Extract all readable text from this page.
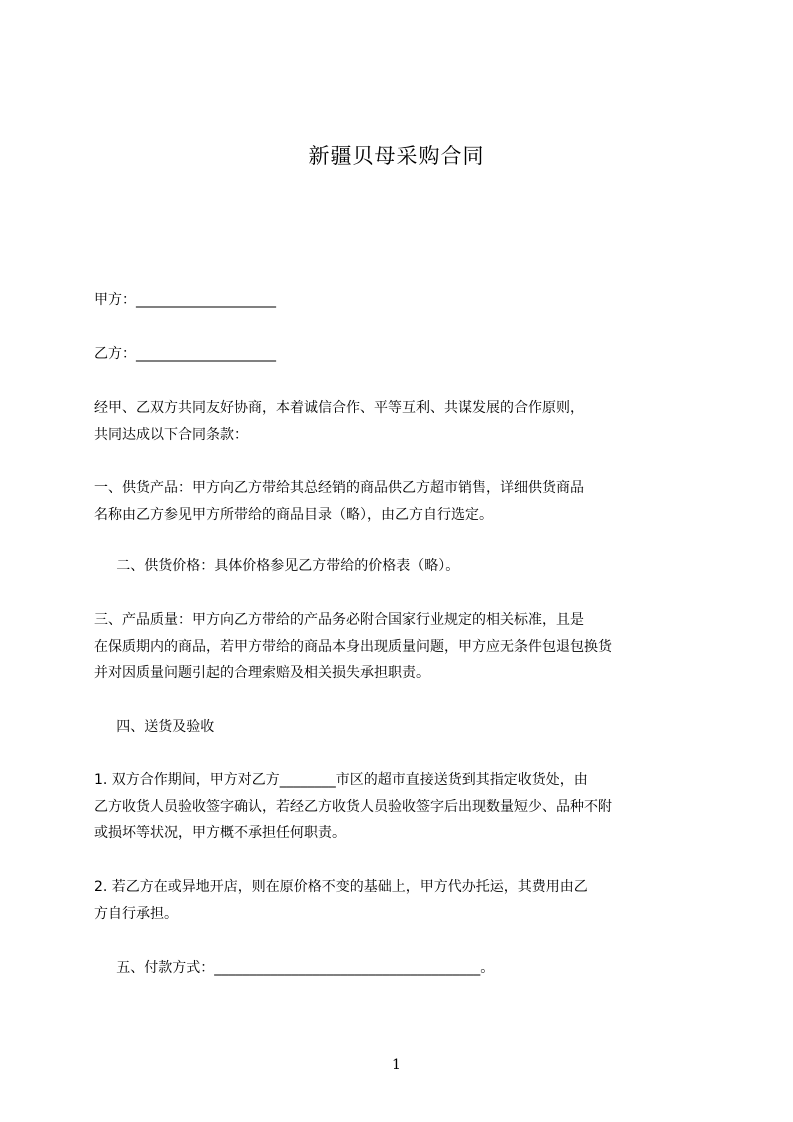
新疆贝母采购合同
甲方：____________________
乙方：____________________
经甲、乙双方共同友好协商，本着诚信合作、平等互利、共谋发展的合作原则，
共同达成以下合同条款：
一、供货产品：甲方向乙方带给其总经销的商品供乙方超市销售，详细供货商品
名称由乙方参见甲方所带给的商品目录（略），由乙方自行选定。
二、供货价格：具体价格参见乙方带给的价格表（略）。
三、产品质量：甲方向乙方带给的产品务必附合国家行业规定的相关标准，且是
在保质期内的商品，若甲方带给的商品本身出现质量问题，甲方应无条件包退包换货
并对因质量问题引起的合理索赔及相关损失承担职责。
四、送货及验收
1. 双方合作期间，甲方对乙方________市区的超市直接送货到其指定收货处，由
乙方收货人员验收签字确认，若经乙方收货人员验收签字后出现数量短少、品种不附
或损坏等状况，甲方概不承担任何职责。
2. 若乙方在或异地开店，则在原价格不变的基础上，甲方代办托运，其费用由乙
方自行承担。
五、付款方式：______________________________________。
1
